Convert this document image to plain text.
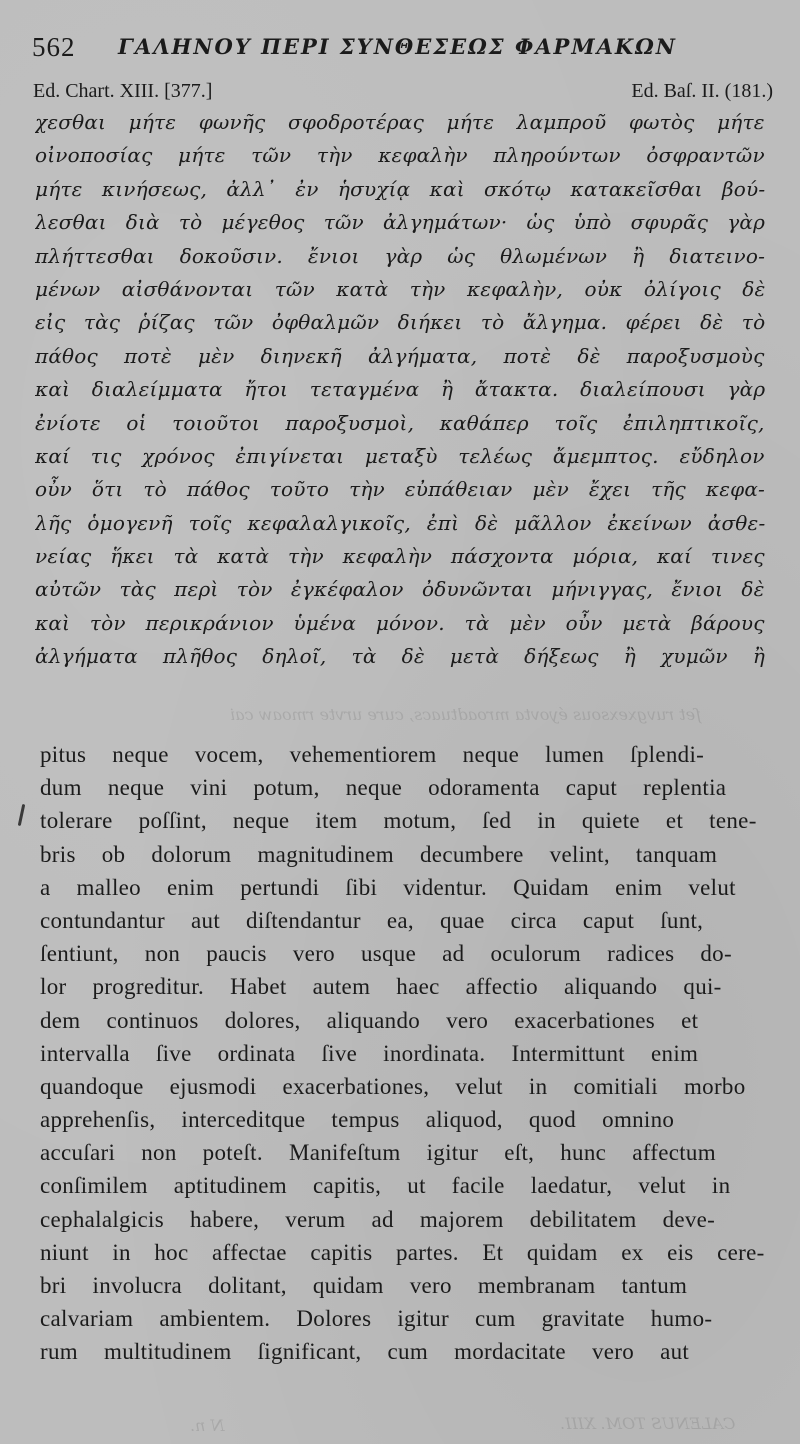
562 ΓΑΛΗΝΟΥ ΠΕΡΙ ΣΥΝΘΕΣΕΩΣ ΦΑΡΜΑΚΩΝ
Ed. Chart. XIII. [377.]	Ed. Baſ. II. (181.)
χεσθαι μήτε φωνῆς σφοδροτέρας μήτε λαμπροῦ φωτὸς μήτε
οἰνοποσίας μήτε τῶν τὴν κεφαλὴν πληρούντων ὀσφραντῶν
μήτε κινήσεως, ἀλλ᾽ ἐν ἡσυχίᾳ καὶ σκότῳ κατακεῖσθαι βού-
λεσθαι διὰ τὸ μέγεθος τῶν ἀλγημάτων· ὡς ὑπὸ σφυρᾶς γὰρ
πλήττεσθαι δοκοῦσιν. ἔνιοι γὰρ ὡς θλωμένων ἢ διατεινο-
μένων αἰσθάνονται τῶν κατὰ τὴν κεφαλὴν, οὐκ ὀλίγοις δὲ
εἰς τὰς ῥίζας τῶν ὀφθαλμῶν διήκει τὸ ἄλγημα. φέρει δὲ τὸ
πάθος ποτὲ μὲν διηνεκῆ ἀλγήματα, ποτὲ δὲ παροξυσμοὺς
καὶ διαλείμματα ἤτοι τεταγμένα ἢ ἄτακτα. διαλείπουσι γὰρ
ἐνίοτε οἱ τοιοῦτοι παροξυσμοὶ, καθάπερ τοῖς ἐπιληπτικοῖς,
καί τις χρόνος ἐπιγίνεται μεταξὺ τελέως ἄμεμπτος. εὔδηλον
οὖν ὅτι τὸ πάθος τοῦτο τὴν εὐπάθειαν μὲν ἔχει τῆς κεφα-
λῆς ὁμογενῆ τοῖς κεφαλαλγικοῖς, ἐπὶ δὲ μᾶλλον ἐκείνων ἀσθε-
νείας ἥκει τὰ κατὰ τὴν κεφαλὴν πάσχοντα μόρια, καί τινες
αὐτῶν τὰς περὶ τὸν ἐγκέφαλον ὀδυνῶνται μήνιγγας, ἔνιοι δὲ
καὶ τὸν περικράνιον ὑμένα μόνον. τὰ μὲν οὖν μετὰ βάρους
ἀλγήματα πλῆθος δηλοῖ, τὰ δὲ μετὰ δήξεως ἢ χυμῶν ἢ
pitus neque vocem, vehementiorem neque lumen ſplendi-
dum neque vini potum, neque odoramenta caput replentia
tolerare poſſint, neque item motum, ſed in quiete et tene-
bris ob dolorum magnitudinem decumbere velint, tanquam
a malleo enim pertundi ſibi videntur. Quidam enim velut
contundantur aut diſtendantur ea, quae circa caput ſunt,
ſentiunt, non paucis vero usque ad oculorum radices do-
lor progreditur. Habet autem haec affectio aliquando qui-
dem continuos dolores, aliquando vero exacerbationes et
intervalla ſive ordinata ſive inordinata. Intermittunt enim
quandoque ejusmodi exacerbationes, velut in comitiali morbo
apprehenſis, interceditque tempus aliquod, quod omnino
accuſari non poteſt. Manifeſtum igitur eſt, hunc affectum
conſimilem aptitudinem capitis, ut facile laedatur, velut in
cephalalgicis habere, verum ad majorem debilitatem deve-
niunt in hoc affectae capitis partes. Et quidam ex eis cere-
bri involucra dolitant, quidam vero membranam tantum
calvariam ambientem. Dolores igitur cum gravitate humo-
rum multitudinem ſignificant, cum mordacitate vero aut
ſet ruvgxexsous éyovta mroadtuacs, cure urvte rmoaw cai
CALENUS TOM. XIII.
N n.
